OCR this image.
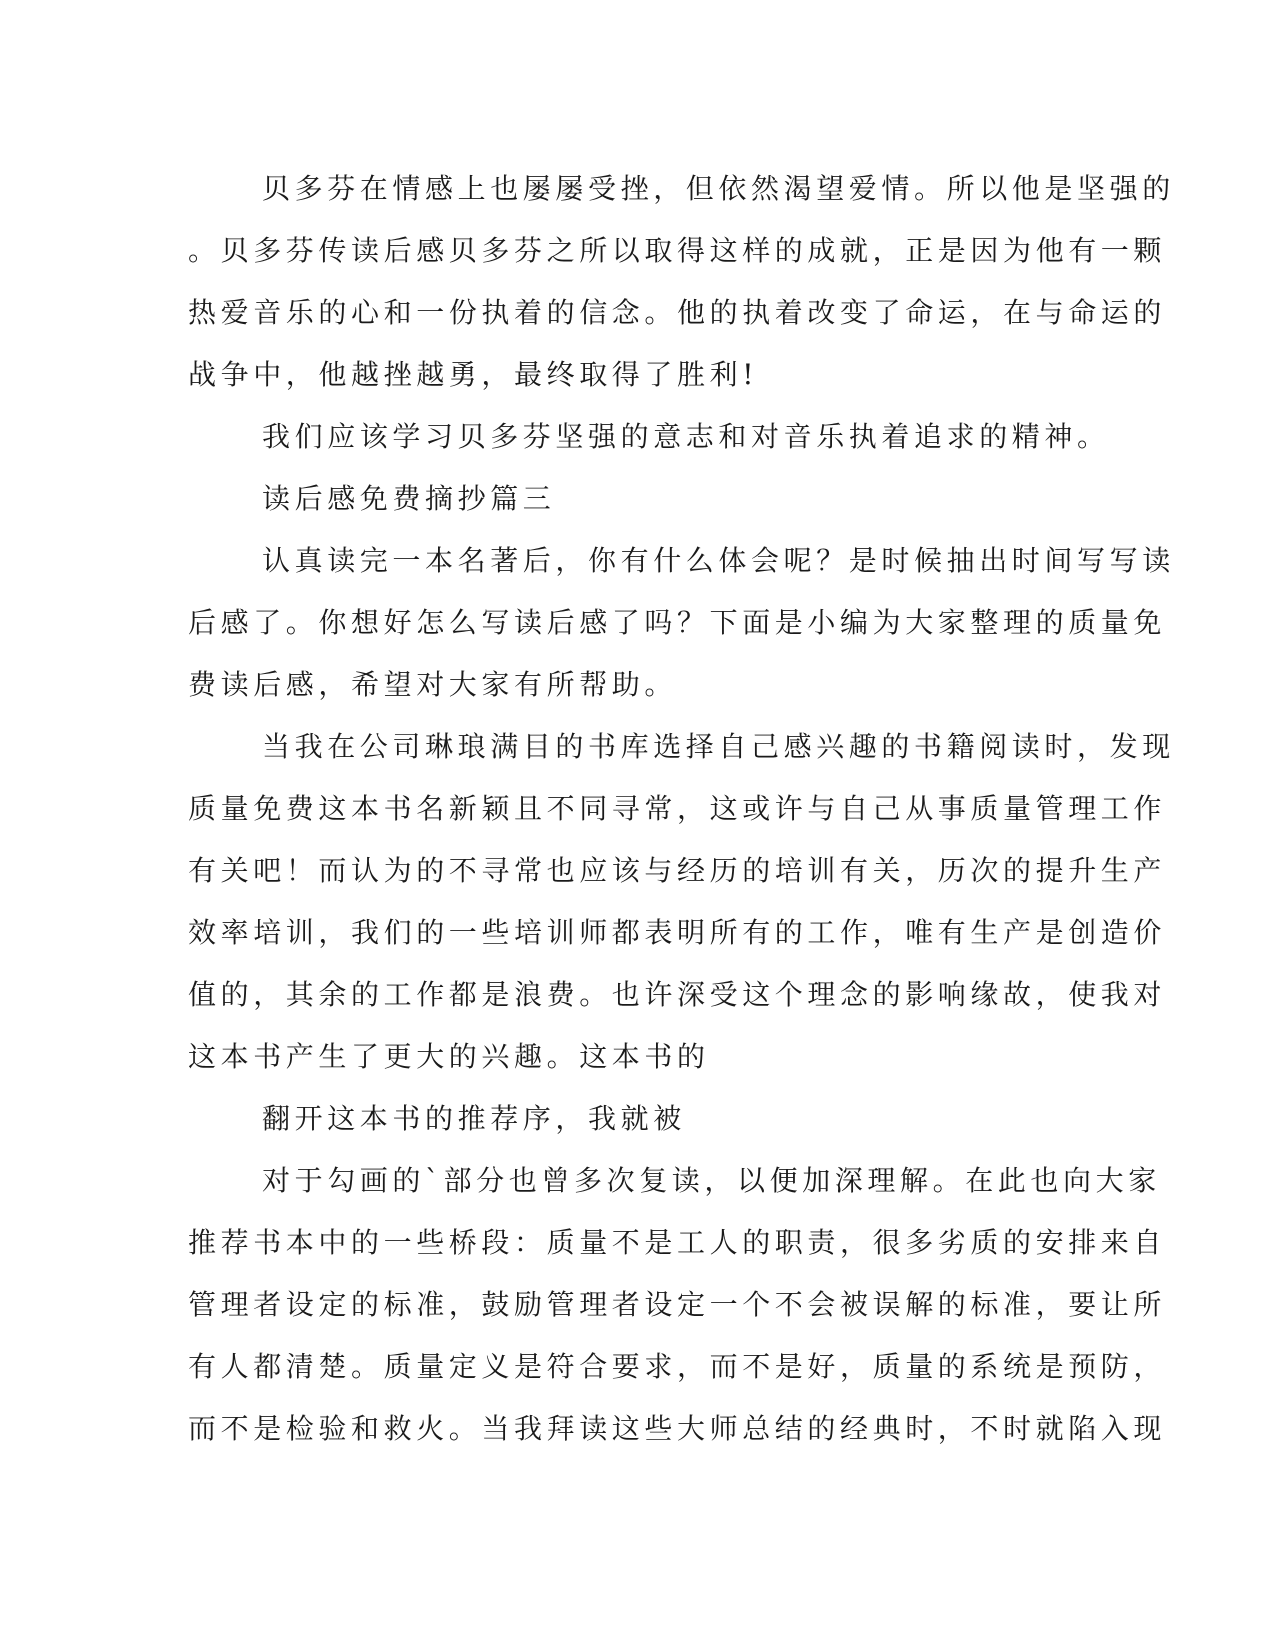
贝多芬在情感上也屡屡受挫，但依然渴望爱情。所以他是坚强的
。贝多芬传读后感贝多芬之所以取得这样的成就，正是因为他有一颗
热爱音乐的心和一份执着的信念。他的执着改变了命运，在与命运的
战争中，他越挫越勇，最终取得了胜利!
我们应该学习贝多芬坚强的意志和对音乐执着追求的精神。
读后感免费摘抄篇三
认真读完一本名著后，你有什么体会呢？是时候抽出时间写写读
后感了。你想好怎么写读后感了吗？下面是小编为大家整理的质量免
费读后感，希望对大家有所帮助。
当我在公司琳琅满目的书库选择自己感兴趣的书籍阅读时，发现
质量免费这本书名新颖且不同寻常，这或许与自己从事质量管理工作
有关吧！而认为的不寻常也应该与经历的培训有关，历次的提升生产
效率培训，我们的一些培训师都表明所有的工作，唯有生产是创造价
值的，其余的工作都是浪费。也许深受这个理念的影响缘故，使我对
这本书产生了更大的兴趣。这本书的
翻开这本书的推荐序，我就被
对于勾画的`部分也曾多次复读，以便加深理解。在此也向大家
推荐书本中的一些桥段：质量不是工人的职责，很多劣质的安排来自
管理者设定的标准，鼓励管理者设定一个不会被误解的标准，要让所
有人都清楚。质量定义是符合要求，而不是好，质量的系统是预防，
而不是检验和救火。当我拜读这些大师总结的经典时，不时就陷入现
